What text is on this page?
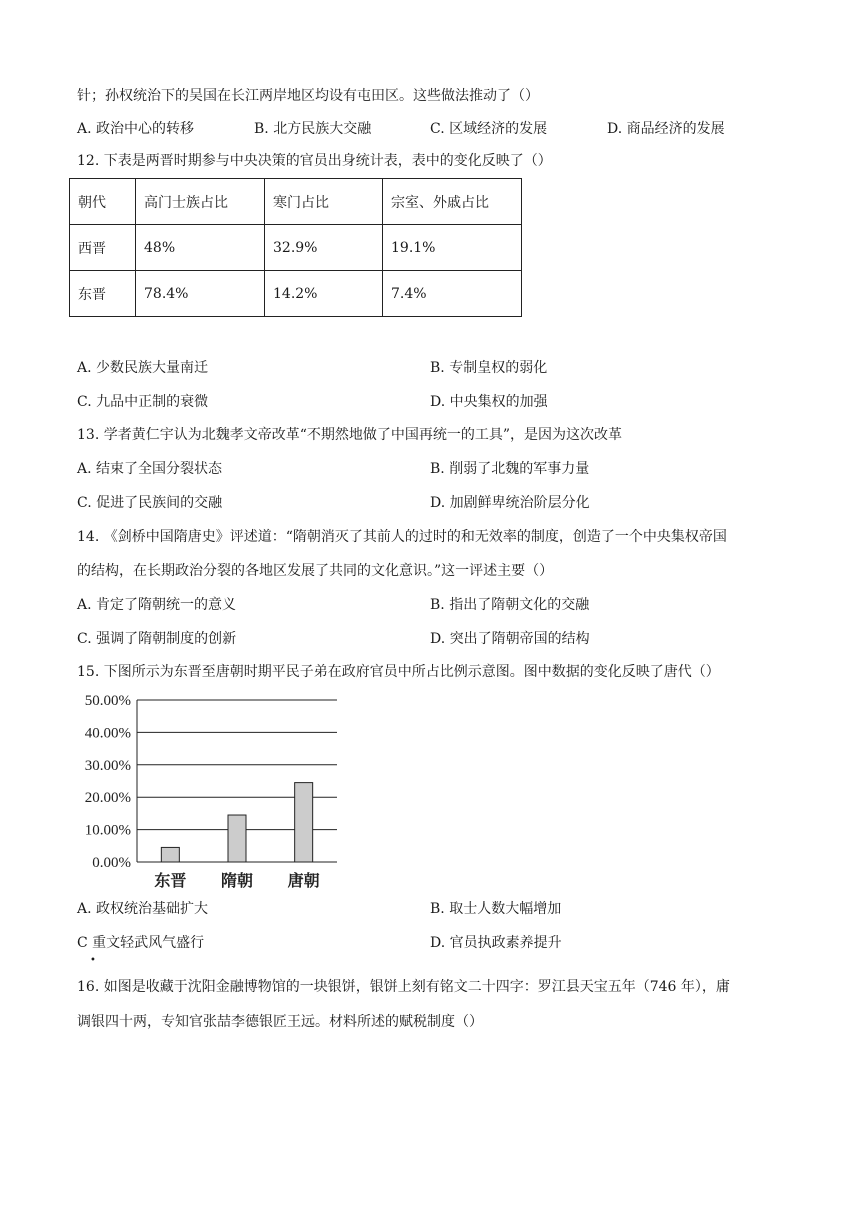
针；孙权统治下的吴国在长江两岸地区均设有屯田区。这些做法推动了（）
A. 政治中心的转移	B. 北方民族大交融	C. 区域经济的发展	D. 商品经济的发展
12. 下表是两晋时期参与中央决策的官员出身统计表，表中的变化反映了（）
朝代	高门士族占比	寒门占比	宗室、外戚占比
西晋	48%	32.9%	19.1%
东晋	78.4%	14.2%	7.4%
A. 少数民族大量南迁	B. 专制皇权的弱化
C. 九品中正制的衰微	D. 中央集权的加强
13. 学者黄仁宇认为北魏孝文帝改革“不期然地做了中国再统一的工具”，是因为这次改革
A. 结束了全国分裂状态	B. 削弱了北魏的军事力量
C. 促进了民族间的交融	D. 加剧鲜卑统治阶层分化
14. 《剑桥中国隋唐史》评述道：“隋朝消灭了其前人的过时的和无效率的制度，创造了一个中央集权帝国
的结构，在长期政治分裂的各地区发展了共同的文化意识。”这一评述主要（）
A. 肯定了隋朝统一的意义	B. 指出了隋朝文化的交融
C. 强调了隋朝制度的创新	D. 突出了隋朝帝国的结构
15. 下图所示为东晋至唐朝时期平民子弟在政府官员中所占比例示意图。图中数据的变化反映了唐代（）
0.00%
10.00%
20.00%
30.00%
40.00%
50.00%
东晋 隋朝 唐朝
A. 政权统治基础扩大	B. 取士人数大幅增加
C 重文轻武风气盛行	D. 官员执政素养提升
•
16. 如图是收藏于沈阳金融博物馆的一块银饼，银饼上刻有铭文二十四字：罗江县天宝五年（746 年），庸
调银四十两，专知官张喆李德银匠王远。材料所述的赋税制度（）
